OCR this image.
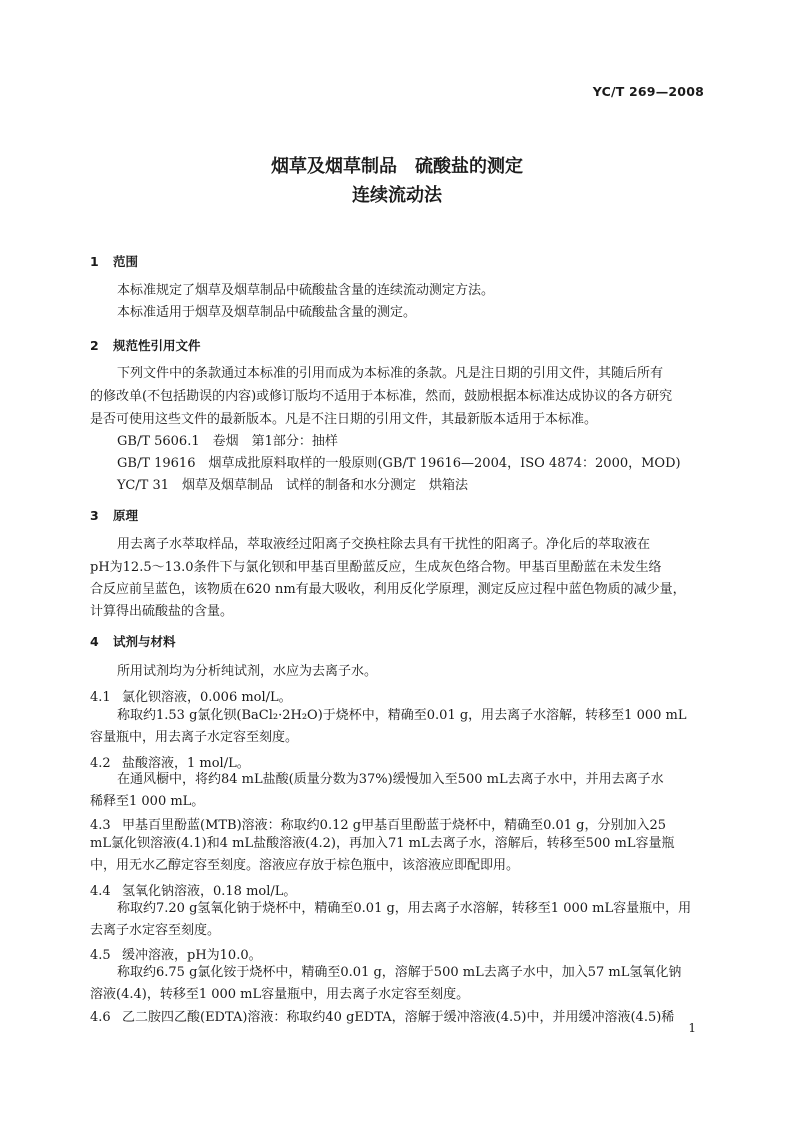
YC/T 269—2008
烟草及烟草制品　硫酸盐的测定
连续流动法
1 范围
本标准规定了烟草及烟草制品中硫酸盐含量的连续流动测定方法。
本标准适用于烟草及烟草制品中硫酸盐含量的测定。
2 规范性引用文件
下列文件中的条款通过本标准的引用而成为本标准的条款。凡是注日期的引用文件，其随后所有
的修改单(不包括勘误的内容)或修订版均不适用于本标准，然而，鼓励根据本标准达成协议的各方研究
是否可使用这些文件的最新版本。凡是不注日期的引用文件，其最新版本适用于本标准。
GB/T 5606.1　卷烟　第1部分：抽样
GB/T 19616　烟草成批原料取样的一般原则(GB/T 19616—2004，ISO 4874：2000，MOD)
YC/T 31　烟草及烟草制品　试样的制备和水分测定　烘箱法
3 原理
用去离子水萃取样品，萃取液经过阳离子交换柱除去具有干扰性的阳离子。净化后的萃取液在
pH为12.5～13.0条件下与氯化钡和甲基百里酚蓝反应，生成灰色络合物。甲基百里酚蓝在未发生络
合反应前呈蓝色，该物质在620 nm有最大吸收，利用反化学原理，测定反应过程中蓝色物质的减少量，
计算得出硫酸盐的含量。
4 试剂与材料
所用试剂均为分析纯试剂，水应为去离子水。
4.1 氯化钡溶液，0.006 mol/L。
称取约1.53 g氯化钡(BaCl₂·2H₂O)于烧杯中，精确至0.01 g，用去离子水溶解，转移至1 000 mL
容量瓶中，用去离子水定容至刻度。
4.2 盐酸溶液，1 mol/L。
在通风橱中，将约84 mL盐酸(质量分数为37%)缓慢加入至500 mL去离子水中，并用去离子水
稀释至1 000 mL。
4.3 甲基百里酚蓝(MTB)溶液：称取约0.12 g甲基百里酚蓝于烧杯中，精确至0.01 g，分别加入25
mL氯化钡溶液(4.1)和4 mL盐酸溶液(4.2)，再加入71 mL去离子水，溶解后，转移至500 mL容量瓶
中，用无水乙醇定容至刻度。溶液应存放于棕色瓶中，该溶液应即配即用。
4.4 氢氧化钠溶液，0.18 mol/L。
称取约7.20 g氢氧化钠于烧杯中，精确至0.01 g，用去离子水溶解，转移至1 000 mL容量瓶中，用
去离子水定容至刻度。
4.5 缓冲溶液，pH为10.0。
称取约6.75 g氯化铵于烧杯中，精确至0.01 g，溶解于500 mL去离子水中，加入57 mL氢氧化钠
溶液(4.4)，转移至1 000 mL容量瓶中，用去离子水定容至刻度。
4.6 乙二胺四乙酸(EDTA)溶液：称取约40 gEDTA，溶解于缓冲溶液(4.5)中，并用缓冲溶液(4.5)稀
1
